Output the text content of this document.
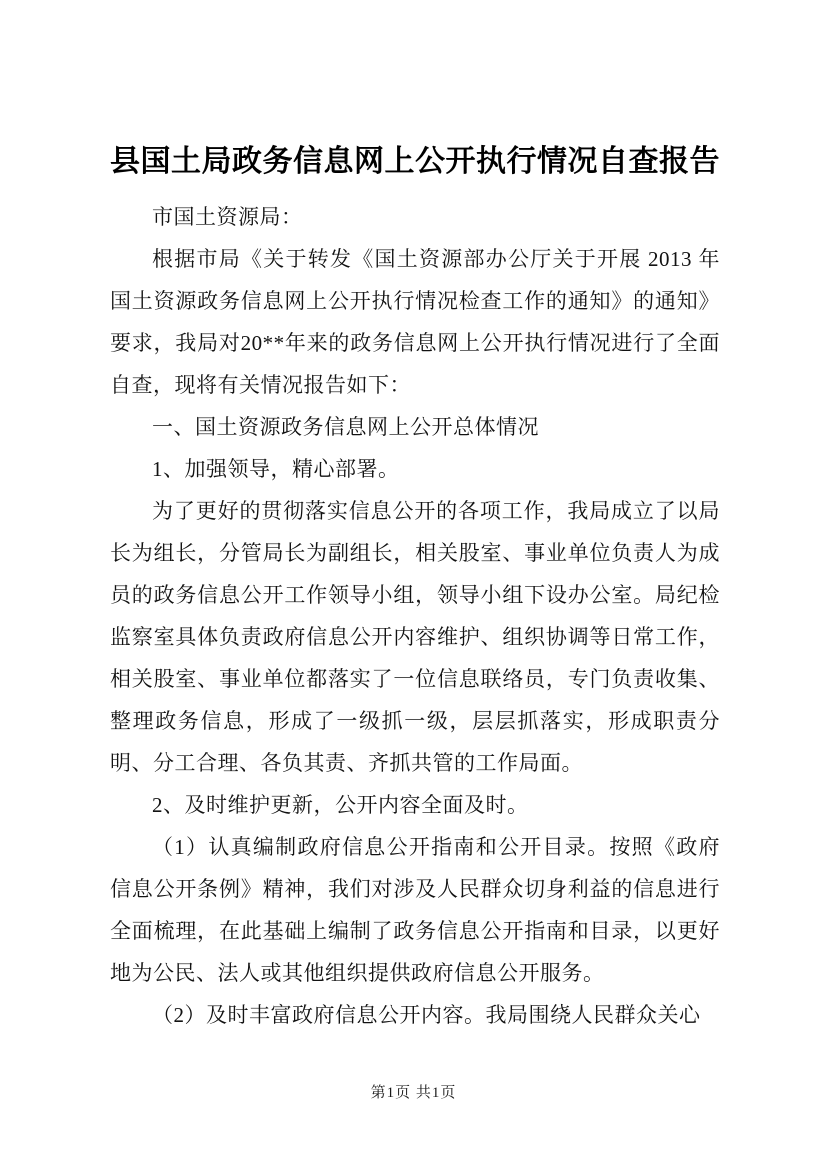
县国土局政务信息网上公开执行情况自查报告

市国土资源局：

根据市局《关于转发《国土资源部办公厅关于开展 2013 年国土资源政务信息网上公开执行情况检查工作的通知》的通知》要求，我局对20**年来的政务信息网上公开执行情况进行了全面自查，现将有关情况报告如下：

一、国土资源政务信息网上公开总体情况

1、加强领导，精心部署。

为了更好的贯彻落实信息公开的各项工作，我局成立了以局长为组长，分管局长为副组长，相关股室、事业单位负责人为成员的政务信息公开工作领导小组，领导小组下设办公室。局纪检监察室具体负责政府信息公开内容维护、组织协调等日常工作，相关股室、事业单位都落实了一位信息联络员，专门负责收集、整理政务信息，形成了一级抓一级，层层抓落实，形成职责分明、分工合理、各负其责、齐抓共管的工作局面。

2、及时维护更新，公开内容全面及时。

（1）认真编制政府信息公开指南和公开目录。按照《政府信息公开条例》精神，我们对涉及人民群众切身利益的信息进行全面梳理，在此基础上编制了政务信息公开指南和目录，以更好地为公民、法人或其他组织提供政府信息公开服务。

（2）及时丰富政府信息公开内容。我局围绕人民群众关心

第1页 共1页
